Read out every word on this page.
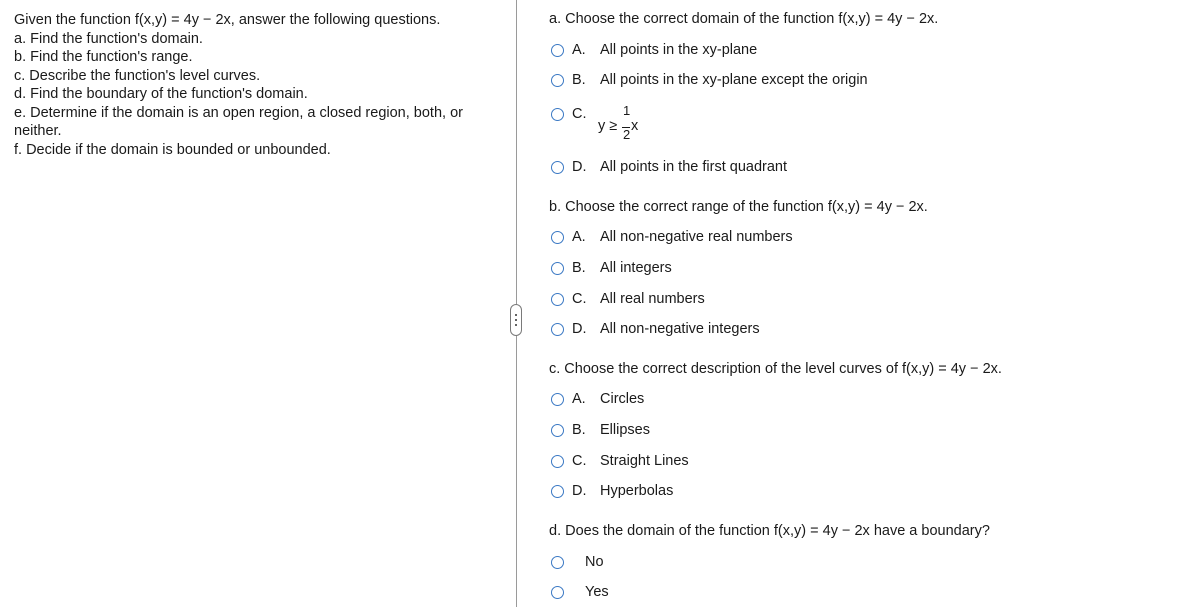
Given the function f(x,y) = 4y − 2x, answer the following questions.

a. Find the function's domain.

b. Find the function's range.

c. Describe the function's level curves.

d. Find the boundary of the function's domain.

e. Determine if the domain is an open region, a closed region, both, or

neither.

f. Decide if the domain is bounded or unbounded.

a. Choose the correct domain of the function f(x,y) = 4y − 2x.
A. All points in the xy-plane
B. All points in the xy-plane except the origin
C.
y ≥
1
2
x
D. All points in the first quadrant
b. Choose the correct range of the function f(x,y) = 4y − 2x.
A. All non-negative real numbers
B. All integers
C. All real numbers
D. All non-negative integers
c. Choose the correct description of the level curves of f(x,y) = 4y − 2x.
A. Circles
B. Ellipses
C. Straight Lines
D. Hyperbolas
d. Does the domain of the function f(x,y) = 4y − 2x have a boundary?
No
Yes
